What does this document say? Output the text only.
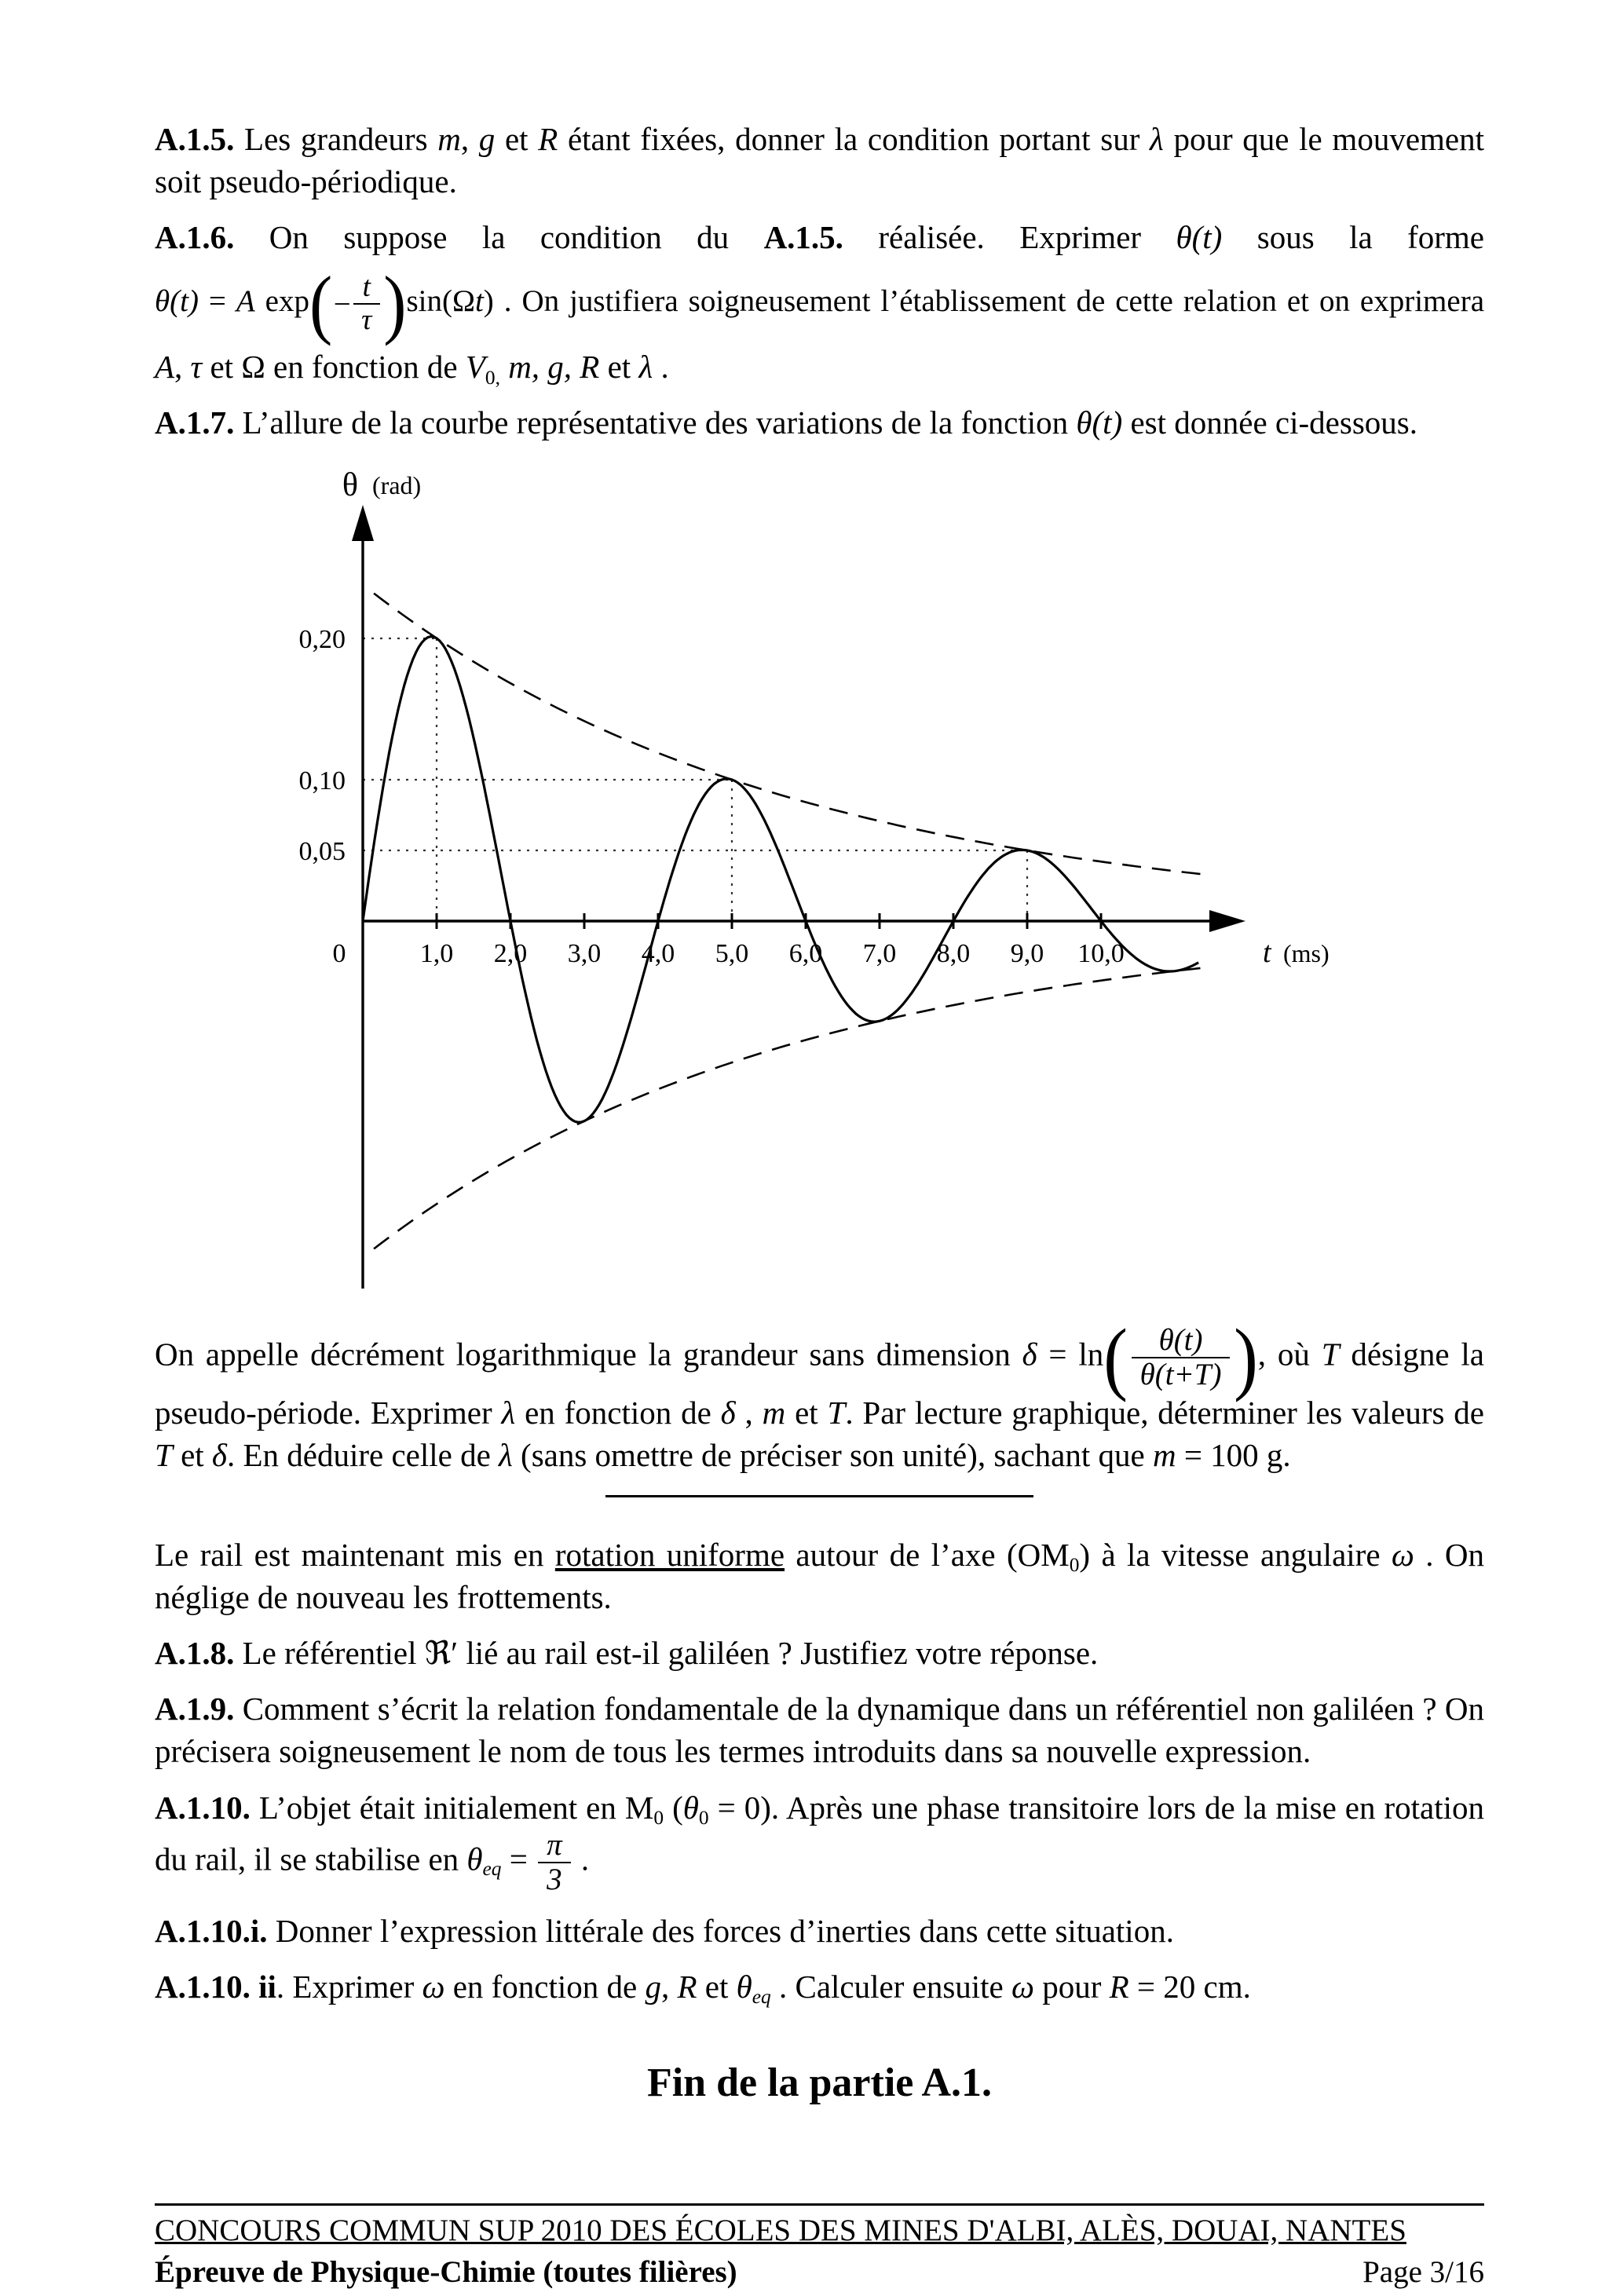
A.1.5. Les grandeurs m, g et R étant fixées, donner la condition portant sur λ pour que le mouvement soit pseudo-périodique.

A.1.6. On suppose la condition du A.1.5. réalisée. Exprimer θ(t) sous la forme

θ(t) = A exp ( − $\frac{t}{\tau}$ ) sin(Ωt) . On justifiera soigneusement l’établissement de cette relation et on exprimera

A, τ et Ω en fonction de V0, m, g, R et λ .

A.1.7. L’allure de la courbe représentative des variations de la fonction θ(t) est donnée ci-dessous.

0	1,0 2,0 3,0 4,0 5,0 6,0 7,0 8,0 9,0 10,0
0,20
0,10
0,05
θ (rad)
t (ms)

On appelle décrément logarithmique la grandeur sans dimension δ = ln ( $\frac{\theta(t)}{\theta(t+T)}$ ) , où T désigne la pseudo-période. Exprimer λ en fonction de δ , m et T. Par lecture graphique, déterminer les valeurs de T et δ. En déduire celle de λ (sans omettre de préciser son unité), sachant que m = 100 g.

Le rail est maintenant mis en rotation uniforme autour de l’axe (OM0) à la vitesse angulaire ω . On néglige de nouveau les frottements.

A.1.8. Le référentiel ℜ′ lié au rail est-il galiléen ? Justifiez votre réponse.

A.1.9. Comment s’écrit la relation fondamentale de la dynamique dans un référentiel non galiléen ? On précisera soigneusement le nom de tous les termes introduits dans sa nouvelle expression.

A.1.10. L’objet était initialement en M0 (θ0 = 0). Après une phase transitoire lors de la mise en rotation du rail, il se stabilise en $\theta eq = \frac{\pi}{3}$ .

A.1.10.i. Donner l’expression littérale des forces d’inerties dans cette situation.

A.1.10. ii. Exprimer ω en fonction de g, R et θeq . Calculer ensuite ω pour R = 20 cm.

Fin de la partie A.1.
CONCOURS COMMUN SUP 2010 DES ÉCOLES DES MINES D'ALBI, ALÈS, DOUAI, NANTES
Épreuve de Physique-Chimie (toutes filières)	Page 3/16
